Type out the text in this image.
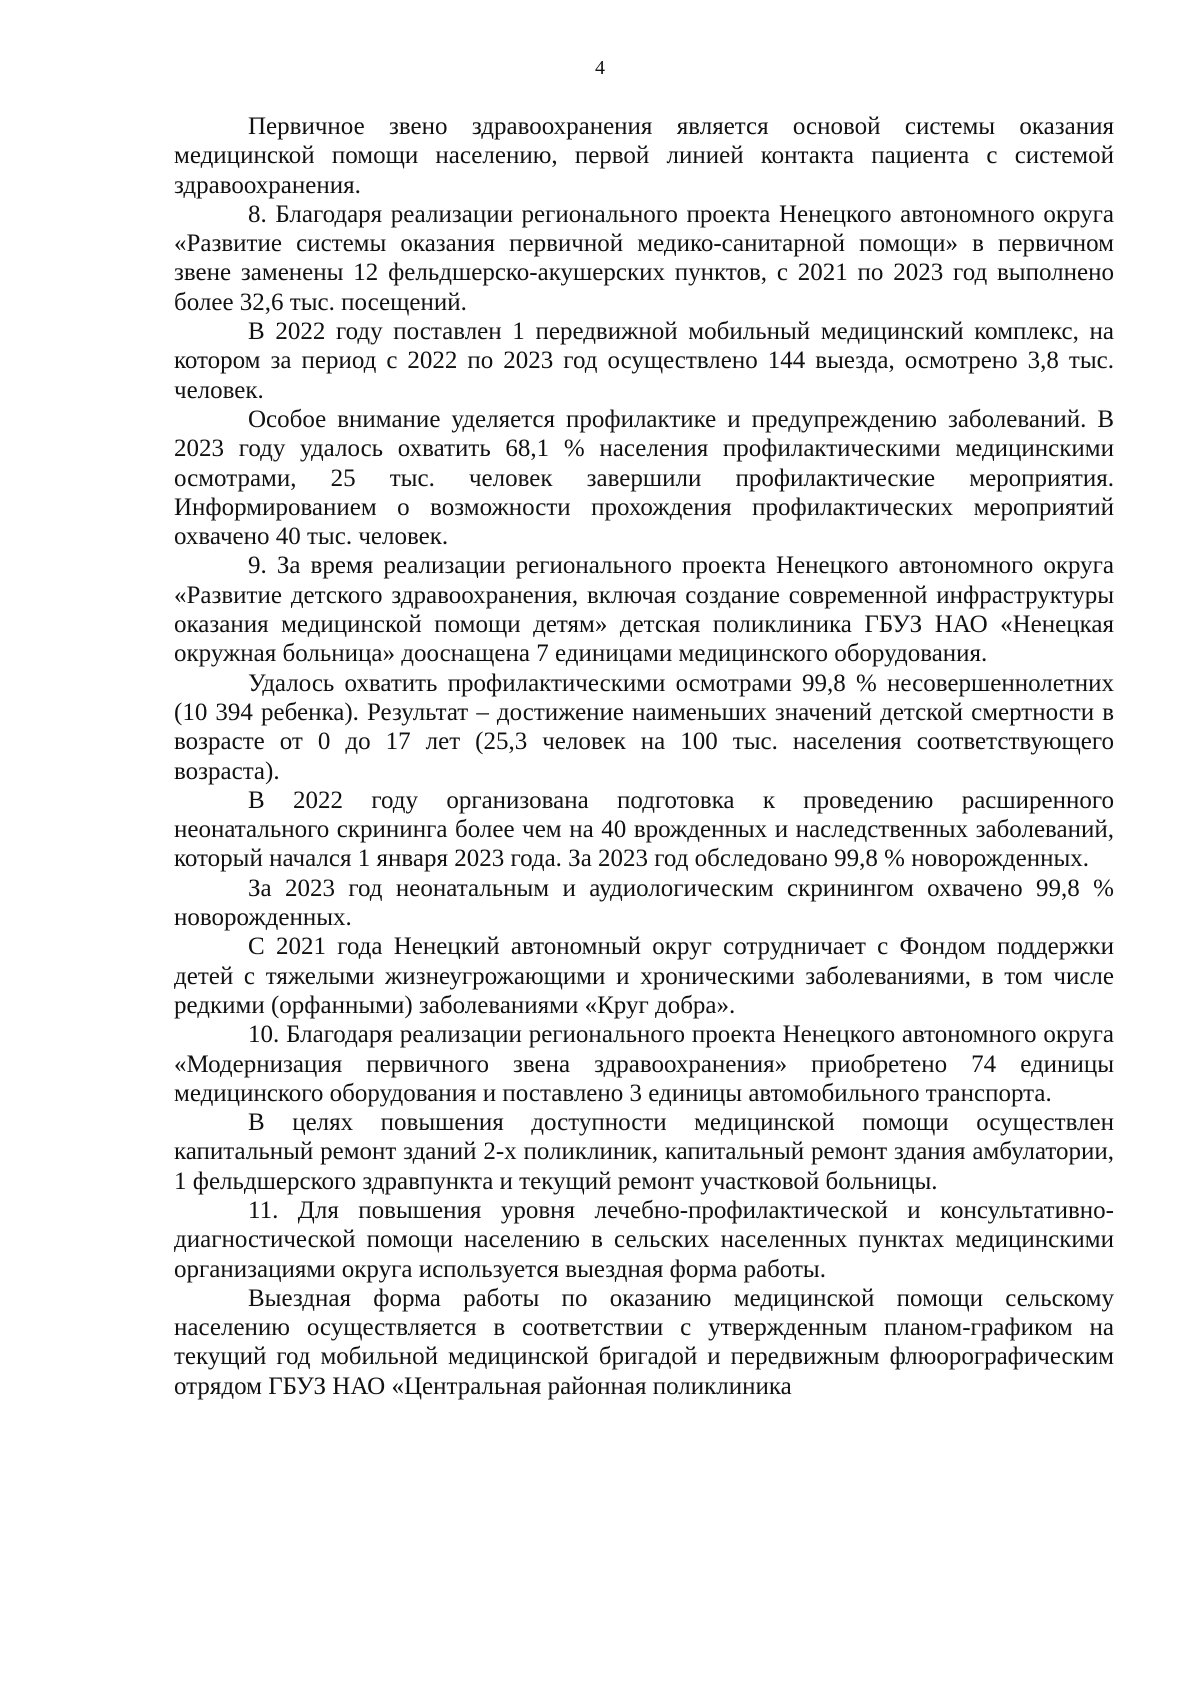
4

Первичное звено здравоохранения является основой системы оказания медицинской помощи населению, первой линией контакта пациента с системой здравоохранения.

8. Благодаря реализации регионального проекта Ненецкого автономного округа «Развитие системы оказания первичной медико-санитарной помощи» в первичном звене заменены 12 фельдшерско-акушерских пунктов, с 2021 по 2023 год выполнено более 32,6 тыс. посещений.

В 2022 году поставлен 1 передвижной мобильный медицинский комплекс, на котором за период с 2022 по 2023 год осуществлено 144 выезда, осмотрено 3,8 тыс. человек.

Особое внимание уделяется профилактике и предупреждению заболеваний. В 2023 году удалось охватить 68,1 % населения профилактическими медицинскими осмотрами, 25 тыс. человек завершили профилактические мероприятия. Информированием о возможности прохождения профилактических мероприятий охвачено 40 тыс. человек.

9. За время реализации регионального проекта Ненецкого автономного округа «Развитие детского здравоохранения, включая создание современной инфраструктуры оказания медицинской помощи детям» детская поликлиника ГБУЗ НАО «Ненецкая окружная больница» дооснащена 7 единицами медицинского оборудования.

Удалось охватить профилактическими осмотрами 99,8 % несовершеннолетних (10 394 ребенка). Результат – достижение наименьших значений детской смертности в возрасте от 0 до 17 лет (25,3 человек на 100 тыс. населения соответствующего возраста).

В 2022 году организована подготовка к проведению расширенного неонатального скрининга более чем на 40 врожденных и наследственных заболеваний, который начался 1 января 2023 года. За 2023 год обследовано 99,8 % новорожденных.

За 2023 год неонатальным и аудиологическим скринингом охвачено 99,8 % новорожденных.

С 2021 года Ненецкий автономный округ сотрудничает с Фондом поддержки детей с тяжелыми жизнеугрожающими и хроническими заболеваниями, в том числе редкими (орфанными) заболеваниями «Круг добра».

10. Благодаря реализации регионального проекта Ненецкого автономного округа «Модернизация первичного звена здравоохранения» приобретено 74 единицы медицинского оборудования и поставлено 3 единицы автомобильного транспорта.

В целях повышения доступности медицинской помощи осуществлен капитальный ремонт зданий 2-х поликлиник, капитальный ремонт здания амбулатории, 1 фельдшерского здравпункта и текущий ремонт участковой больницы.

11. Для повышения уровня лечебно-профилактической и консультативно-диагностической помощи населению в сельских населенных пунктах медицинскими организациями округа используется выездная форма работы.

Выездная форма работы по оказанию медицинской помощи сельскому населению осуществляется в соответствии с утвержденным планом-графиком на текущий год мобильной медицинской бригадой и передвижным флюорографическим отрядом ГБУЗ НАО «Центральная районная поликлиника
